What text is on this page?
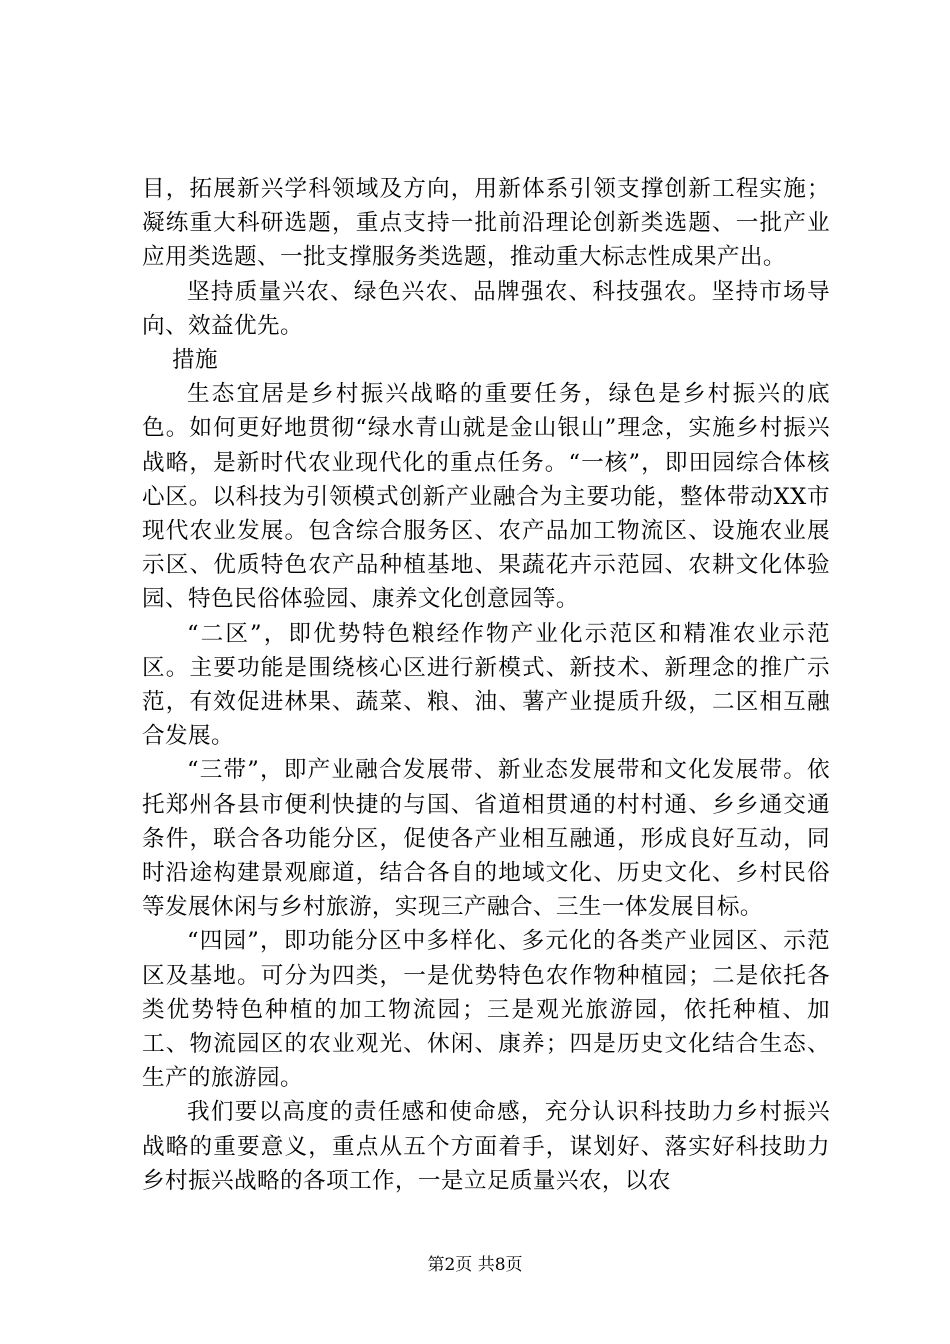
目，拓展新兴学科领域及方向，用新体系引领支撑创新工程实施；凝练重大科研选题，重点支持一批前沿理论创新类选题、一批产业应用类选题、一批支撑服务类选题，推动重大标志性成果产出。

坚持质量兴农、绿色兴农、品牌强农、科技强农。坚持市场导向、效益优先。

措施

生态宜居是乡村振兴战略的重要任务，绿色是乡村振兴的底色。如何更好地贯彻“绿水青山就是金山银山”理念，实施乡村振兴战略，是新时代农业现代化的重点任务。“一核”，即田园综合体核心区。以科技为引领模式创新产业融合为主要功能，整体带动XX市现代农业发展。包含综合服务区、农产品加工物流区、设施农业展示区、优质特色农产品种植基地、果蔬花卉示范园、农耕文化体验园、特色民俗体验园、康养文化创意园等。

“二区”，即优势特色粮经作物产业化示范区和精准农业示范区。主要功能是围绕核心区进行新模式、新技术、新理念的推广示范，有效促进林果、蔬菜、粮、油、薯产业提质升级，二区相互融合发展。

“三带”，即产业融合发展带、新业态发展带和文化发展带。依托郑州各县市便利快捷的与国、省道相贯通的村村通、乡乡通交通条件，联合各功能分区，促使各产业相互融通，形成良好互动，同时沿途构建景观廊道，结合各自的地域文化、历史文化、乡村民俗等发展休闲与乡村旅游，实现三产融合、三生一体发展目标。

“四园”，即功能分区中多样化、多元化的各类产业园区、示范区及基地。可分为四类，一是优势特色农作物种植园；二是依托各类优势特色种植的加工物流园；三是观光旅游园，依托种植、加工、物流园区的农业观光、休闲、康养；四是历史文化结合生态、生产的旅游园。

我们要以高度的责任感和使命感，充分认识科技助力乡村振兴战略的重要意义，重点从五个方面着手，谋划好、落实好科技助力乡村振兴战略的各项工作，一是立足质量兴农，以农

第2页 共8页
